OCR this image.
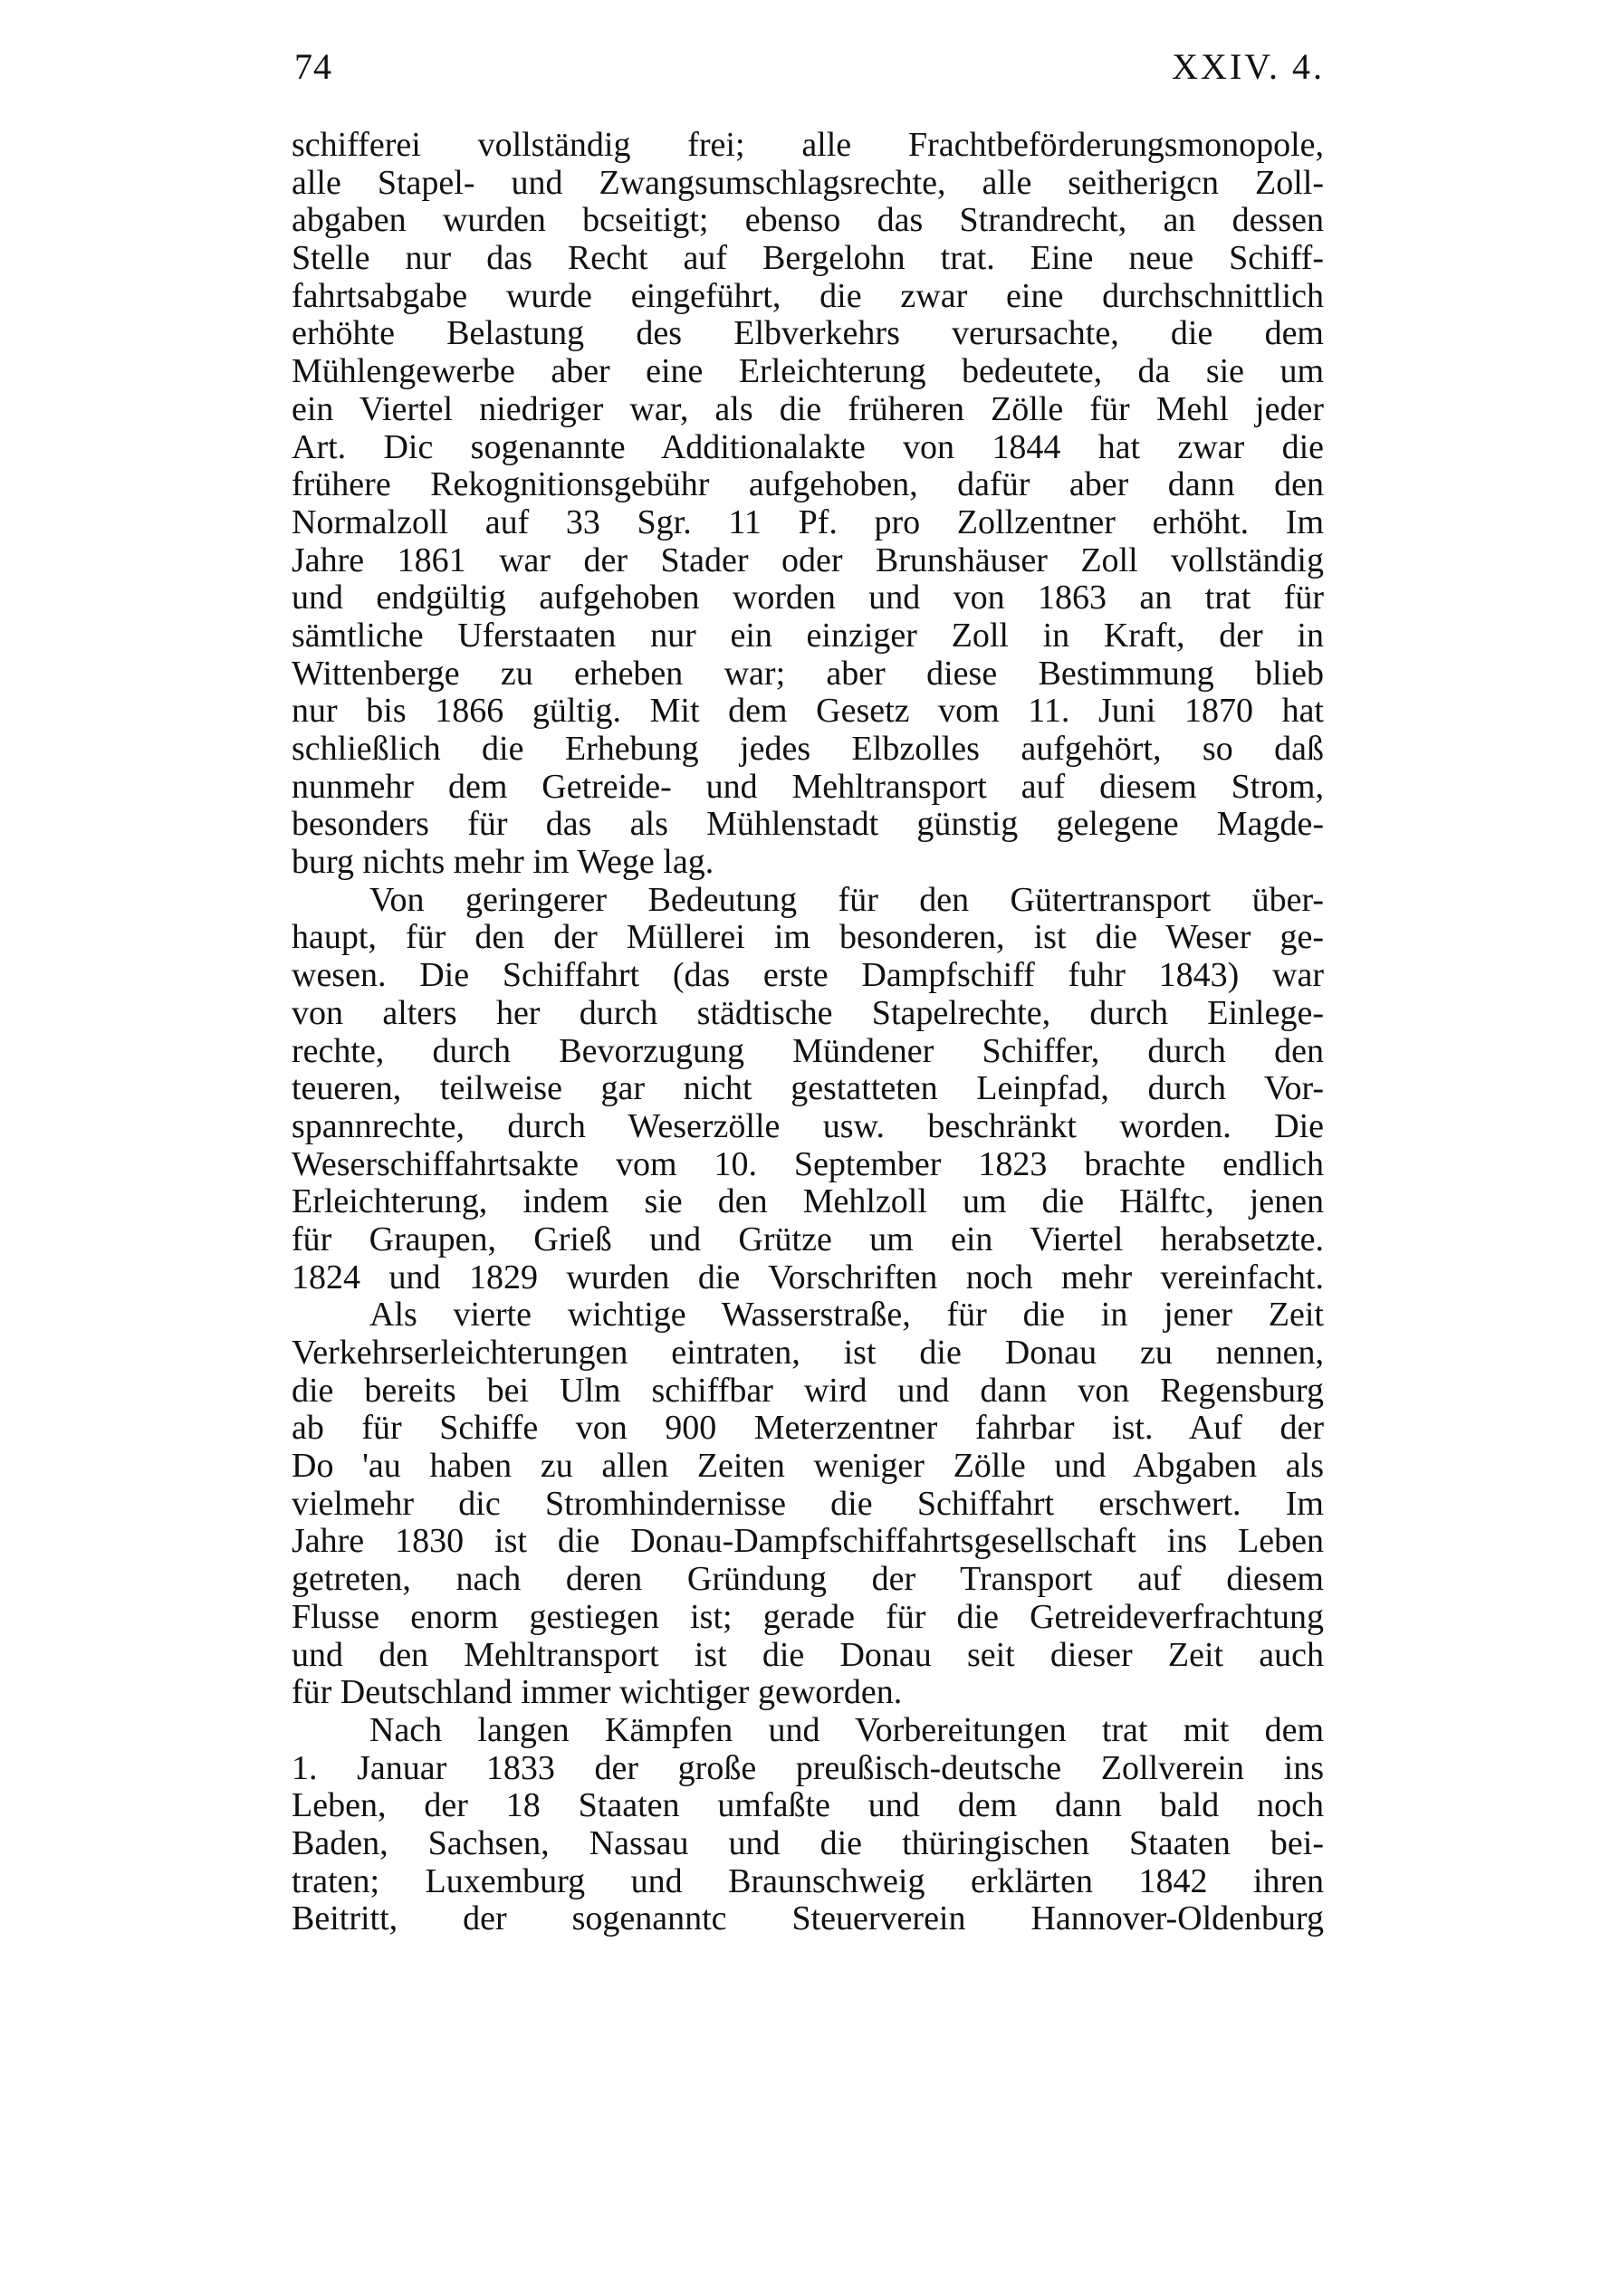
74	XXIV. 4.
schifferei vollständig frei; alle Frachtbeförderungsmonopole,
alle Stapel- und Zwangsumschlagsrechte, alle seitherigcn Zoll-
abgaben wurden bcseitigt; ebenso das Strandrecht, an dessen
Stelle nur das Recht auf Bergelohn trat. Eine neue Schiff-
fahrtsabgabe wurde eingeführt, die zwar eine durchschnittlich
erhöhte Belastung des Elbverkehrs verursachte, die dem
Mühlengewerbe aber eine Erleichterung bedeutete, da sie um
ein Viertel niedriger war, als die früheren Zölle für Mehl jeder
Art. Dic sogenannte Additionalakte von 1844 hat zwar die
frühere Rekognitionsgebühr aufgehoben, dafür aber dann den
Normalzoll auf 33 Sgr. 11 Pf. pro Zollzentner erhöht. Im
Jahre 1861 war der Stader oder Brunshäuser Zoll vollständig
und endgültig aufgehoben worden und von 1863 an trat für
sämtliche Uferstaaten nur ein einziger Zoll in Kraft, der in
Wittenberge zu erheben war; aber diese Bestimmung blieb
nur bis 1866 gültig. Mit dem Gesetz vom 11. Juni 1870 hat
schließlich die Erhebung jedes Elbzolles aufgehört, so daß
nunmehr dem Getreide- und Mehltransport auf diesem Strom,
besonders für das als Mühlenstadt günstig gelegene Magde-
burg nichts mehr im Wege lag.
Von geringerer Bedeutung für den Gütertransport über-
haupt, für den der Müllerei im besonderen, ist die Weser ge-
wesen. Die Schiffahrt (das erste Dampfschiff fuhr 1843) war
von alters her durch städtische Stapelrechte, durch Einlege-
rechte, durch Bevorzugung Mündener Schiffer, durch den
teueren, teilweise gar nicht gestatteten Leinpfad, durch Vor-
spannrechte, durch Weserzölle usw. beschränkt worden. Die
Weserschiffahrtsakte vom 10. September 1823 brachte endlich
Erleichterung, indem sie den Mehlzoll um die Hälftc, jenen
für Graupen, Grieß und Grütze um ein Viertel herabsetzte.
1824 und 1829 wurden die Vorschriften noch mehr vereinfacht.
Als vierte wichtige Wasserstraße, für die in jener Zeit
Verkehrserleichterungen eintraten, ist die Donau zu nennen,
die bereits bei Ulm schiffbar wird und dann von Regensburg
ab für Schiffe von 900 Meterzentner fahrbar ist. Auf der
Do 'au haben zu allen Zeiten weniger Zölle und Abgaben als
vielmehr dic Stromhindernisse die Schiffahrt erschwert. Im
Jahre 1830 ist die Donau-Dampfschiffahrtsgesellschaft ins Leben
getreten, nach deren Gründung der Transport auf diesem
Flusse enorm gestiegen ist; gerade für die Getreideverfrachtung
und den Mehltransport ist die Donau seit dieser Zeit auch
für Deutschland immer wichtiger geworden.
Nach langen Kämpfen und Vorbereitungen trat mit dem
1. Januar 1833 der große preußisch-deutsche Zollverein ins
Leben, der 18 Staaten umfaßte und dem dann bald noch
Baden, Sachsen, Nassau und die thüringischen Staaten bei-
traten; Luxemburg und Braunschweig erklärten 1842 ihren
Beitritt, der sogenanntc Steuerverein Hannover-Oldenburg
